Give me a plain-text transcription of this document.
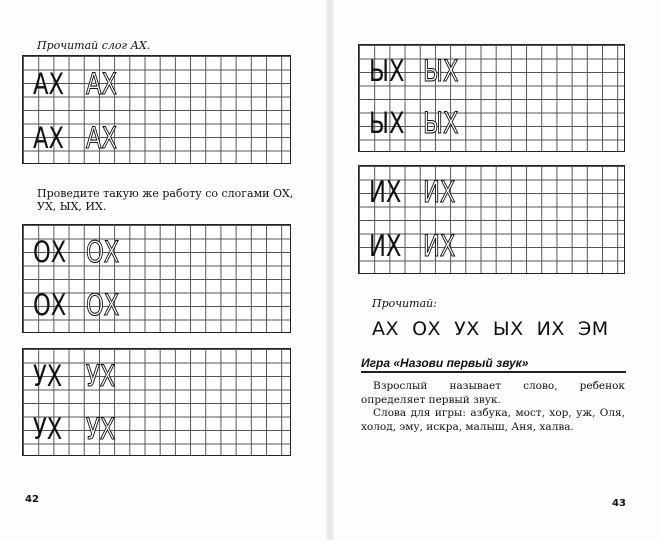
Прочитай слог АХ.
АХ АХ
АХ АХ
Проведите такую же работу со слогами ОХ, УХ, ЫХ, ИХ.
ОХ ОХ
ОХ ОХ
УХ УХ
УХ УХ
42
ЫХ ЫХ
ЫХ ЫХ
ИХ ИХ
ИХ ИХ
Прочитай:
АХ  ОХ  УХ  ЫХ  ИХ  ЭМ
Игра «Назови первый звук»
Взрослый называет слово, ребенок определяет первый звук.
Слова для игры: азбука, мост, хор, уж, Оля, холод, эму, искра, малыш, Аня, халва.
43
